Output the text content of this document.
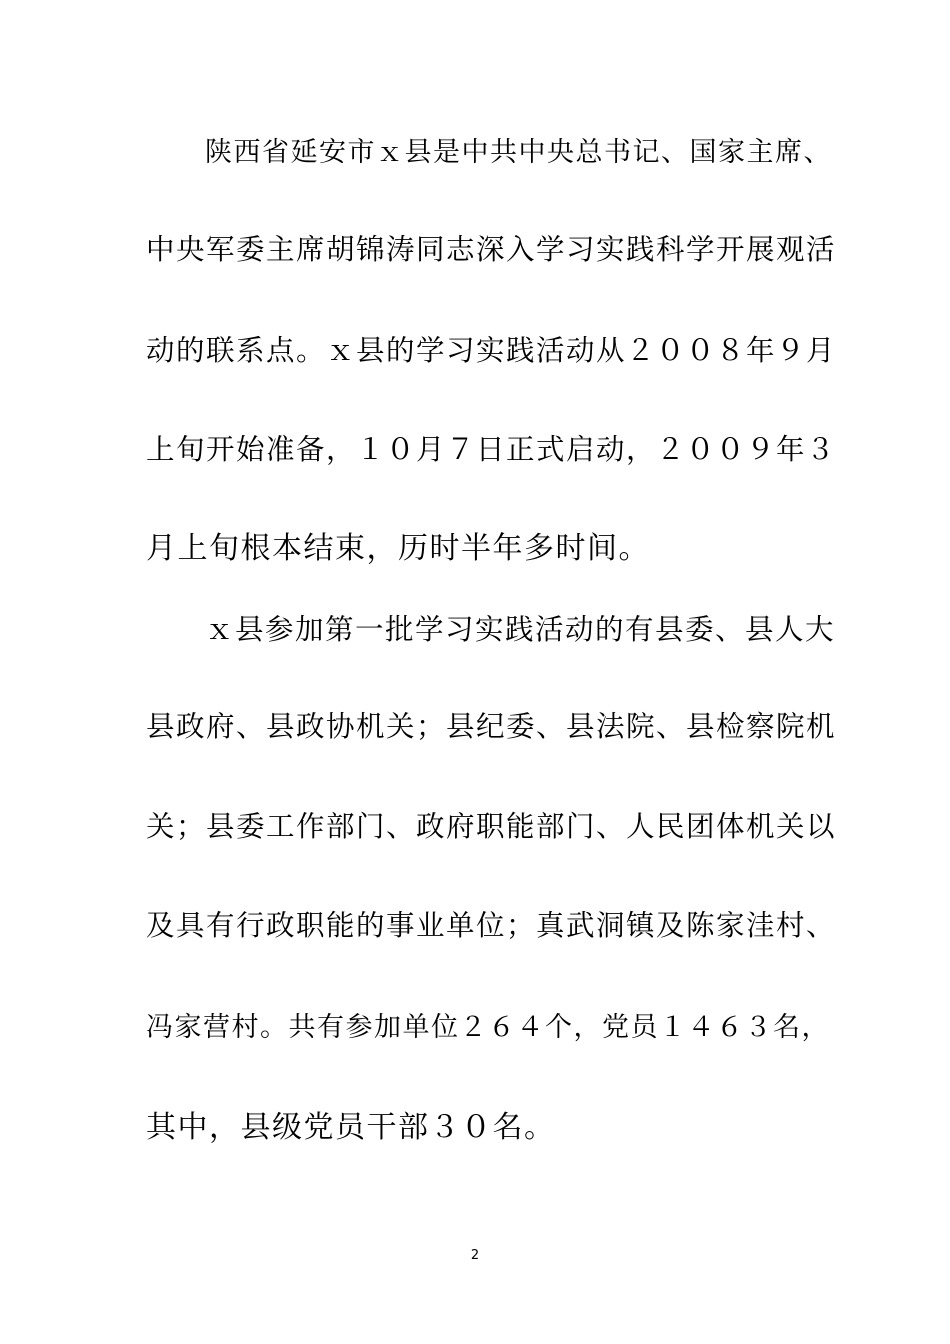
陕西省延安市ｘ县是中共中央总书记、国家主席、
中央军委主席胡锦涛同志深入学习实践科学开展观活
动的联系点。ｘ县的学习实践活动从２００８年９月
上旬开始准备，１０月７日正式启动，２００９年３
月上旬根本结束，历时半年多时间。
ｘ县参加第一批学习实践活动的有县委、县人大
县政府、县政协机关；县纪委、县法院、县检察院机
关；县委工作部门、政府职能部门、人民团体机关以
及具有行政职能的事业单位；真武洞镇及陈家洼村、
冯家营村。共有参加单位２６４个，党员１４６３名，
其中，县级党员干部３０名。
2
